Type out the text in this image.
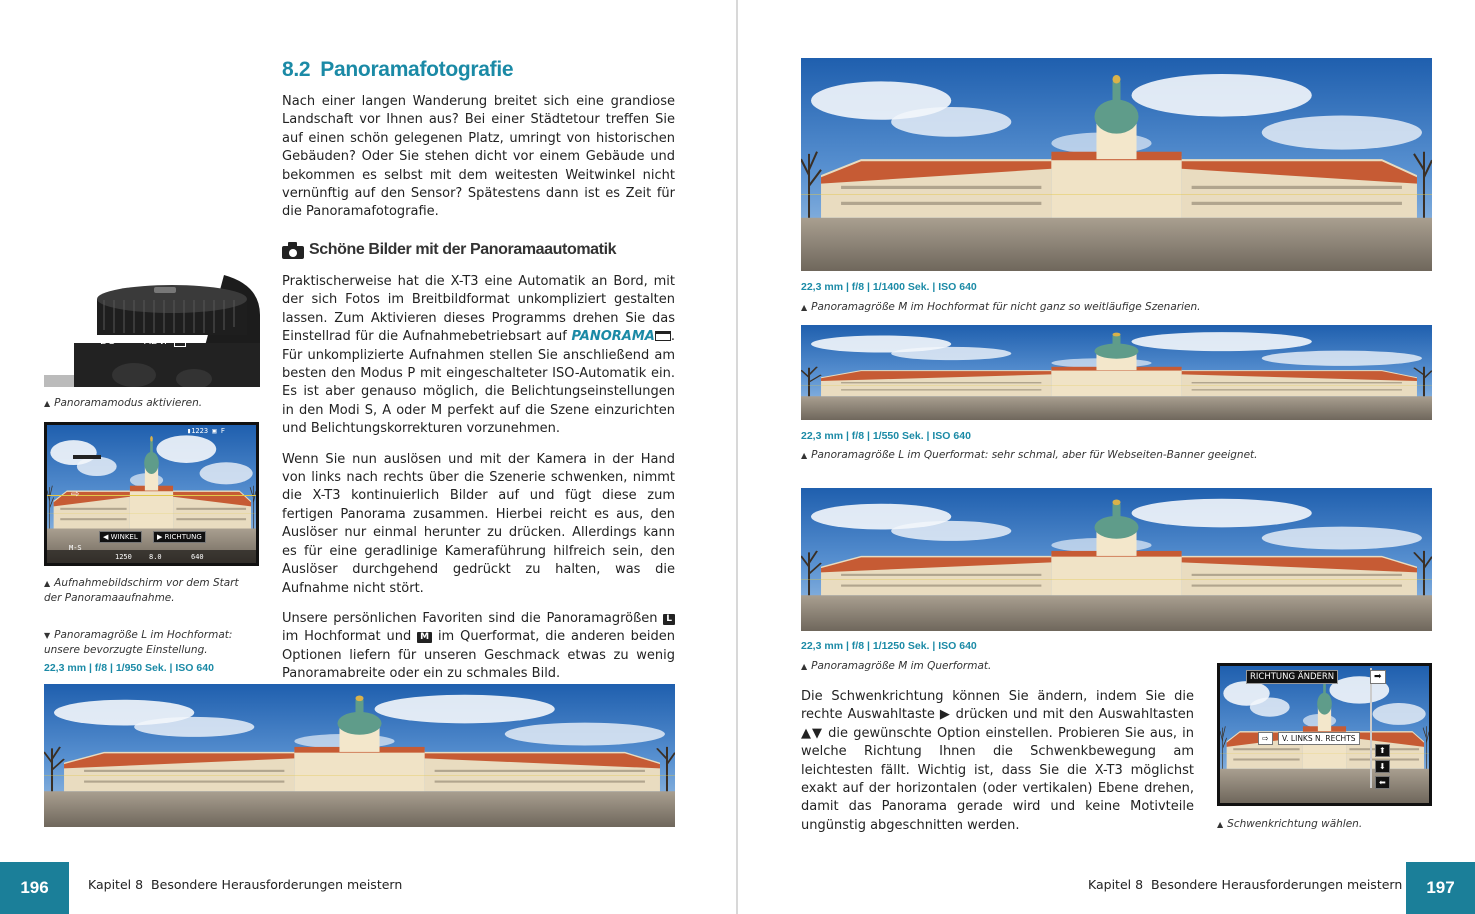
L S	ADV.
▲ Panoramamodus aktivieren.
⇨
▮1223 ▣ F
◀ WINKEL	▶ RICHTUNG
M-S
1250 8.0	640
▲ Aufnahmebildschirm vor dem Start der Panoramaaufnahme.
▼ Panoramagröße L im Hochformat: unsere bevorzugte Einstellung.
22,3 mm | f/8 | 1/950 Sek. | ISO 640
8.2 Panoramafotografie

Nach einer langen Wanderung breitet sich eine grandiose Landschaft vor Ihnen aus? Bei einer Städtetour treffen Sie auf einen schön gelegenen Platz, umringt von historischen Gebäuden? Oder Sie stehen dicht vor einem Gebäude und bekommen es selbst mit dem weitesten Weitwinkel nicht vernünftig auf den Sensor? Spätestens dann ist es Zeit für die Panoramafotografie.

Schöne Bilder mit der Panoramaautomatik

Praktischerweise hat die X-T3 eine Automatik an Bord, mit der sich Fotos im Breitbildformat unkompliziert gestalten lassen. Zum Aktivieren dieses Programms drehen Sie das Einstellrad für die Aufnahmebetriebsart auf PANORAMA . Für unkomplizierte Aufnahmen stellen Sie anschließend am besten den Modus P mit eingeschalteter ISO-Automatik ein. Es ist aber genauso möglich, die Belichtungseinstellungen in den Modi S, A oder M perfekt auf die Szene einzurichten und Belichtungskorrekturen vorzunehmen.

Wenn Sie nun auslösen und mit der Kamera in der Hand von links nach rechts über die Szenerie schwenken, nimmt die X-T3 kontinuierlich Bilder auf und fügt diese zum fertigen Panorama zusammen. Hierbei reicht es aus, den Auslöser nur einmal herunter zu drücken. Allerdings kann es für eine geradlinige Kameraführung hilfreich sein, den Auslöser durchgehend gedrückt zu halten, was die Aufnahme nicht stört.

Unsere persönlichen Favoriten sind die Panoramagrößen L im Hochformat und M im Querformat, die anderen beiden Optionen liefern für unseren Geschmack etwas zu wenig Panoramabreite oder ein zu schmales Bild.

196	Kapitel 8 Besondere Herausforderungen meistern
22,3 mm | f/8 | 1/1400 Sek. | ISO 640
▲ Panoramagröße M im Hochformat für nicht ganz so weitläufige Szenarien.
22,3 mm | f/8 | 1/550 Sek. | ISO 640
▲ Panoramagröße L im Querformat: sehr schmal, aber für Webseiten-Banner geeignet.
22,3 mm | f/8 | 1/1250 Sek. | ISO 640
▲ Panoramagröße M im Querformat.

Die Schwenkrichtung können Sie ändern, indem Sie die rechte Auswahltaste ▶ drücken und mit den Auswahltasten ▲▼ die gewünschte Option einstellen. Probieren Sie aus, in welche Richtung Ihnen die Schwenkbewegung am leichtesten fällt. Wichtig ist, dass Sie die X-T3 möglichst exakt auf der horizontalen (oder vertikalen) Ebene drehen, damit das Panorama gerade wird und keine Motivteile ungünstig abgeschnitten werden.

RICHTUNG ÄNDERN	➡
⇨	V. LINKS N. RECHTS
⬆
⬇
⬅
▲ Schwenkrichtung wählen.
Kapitel 8 Besondere Herausforderungen meistern	197
